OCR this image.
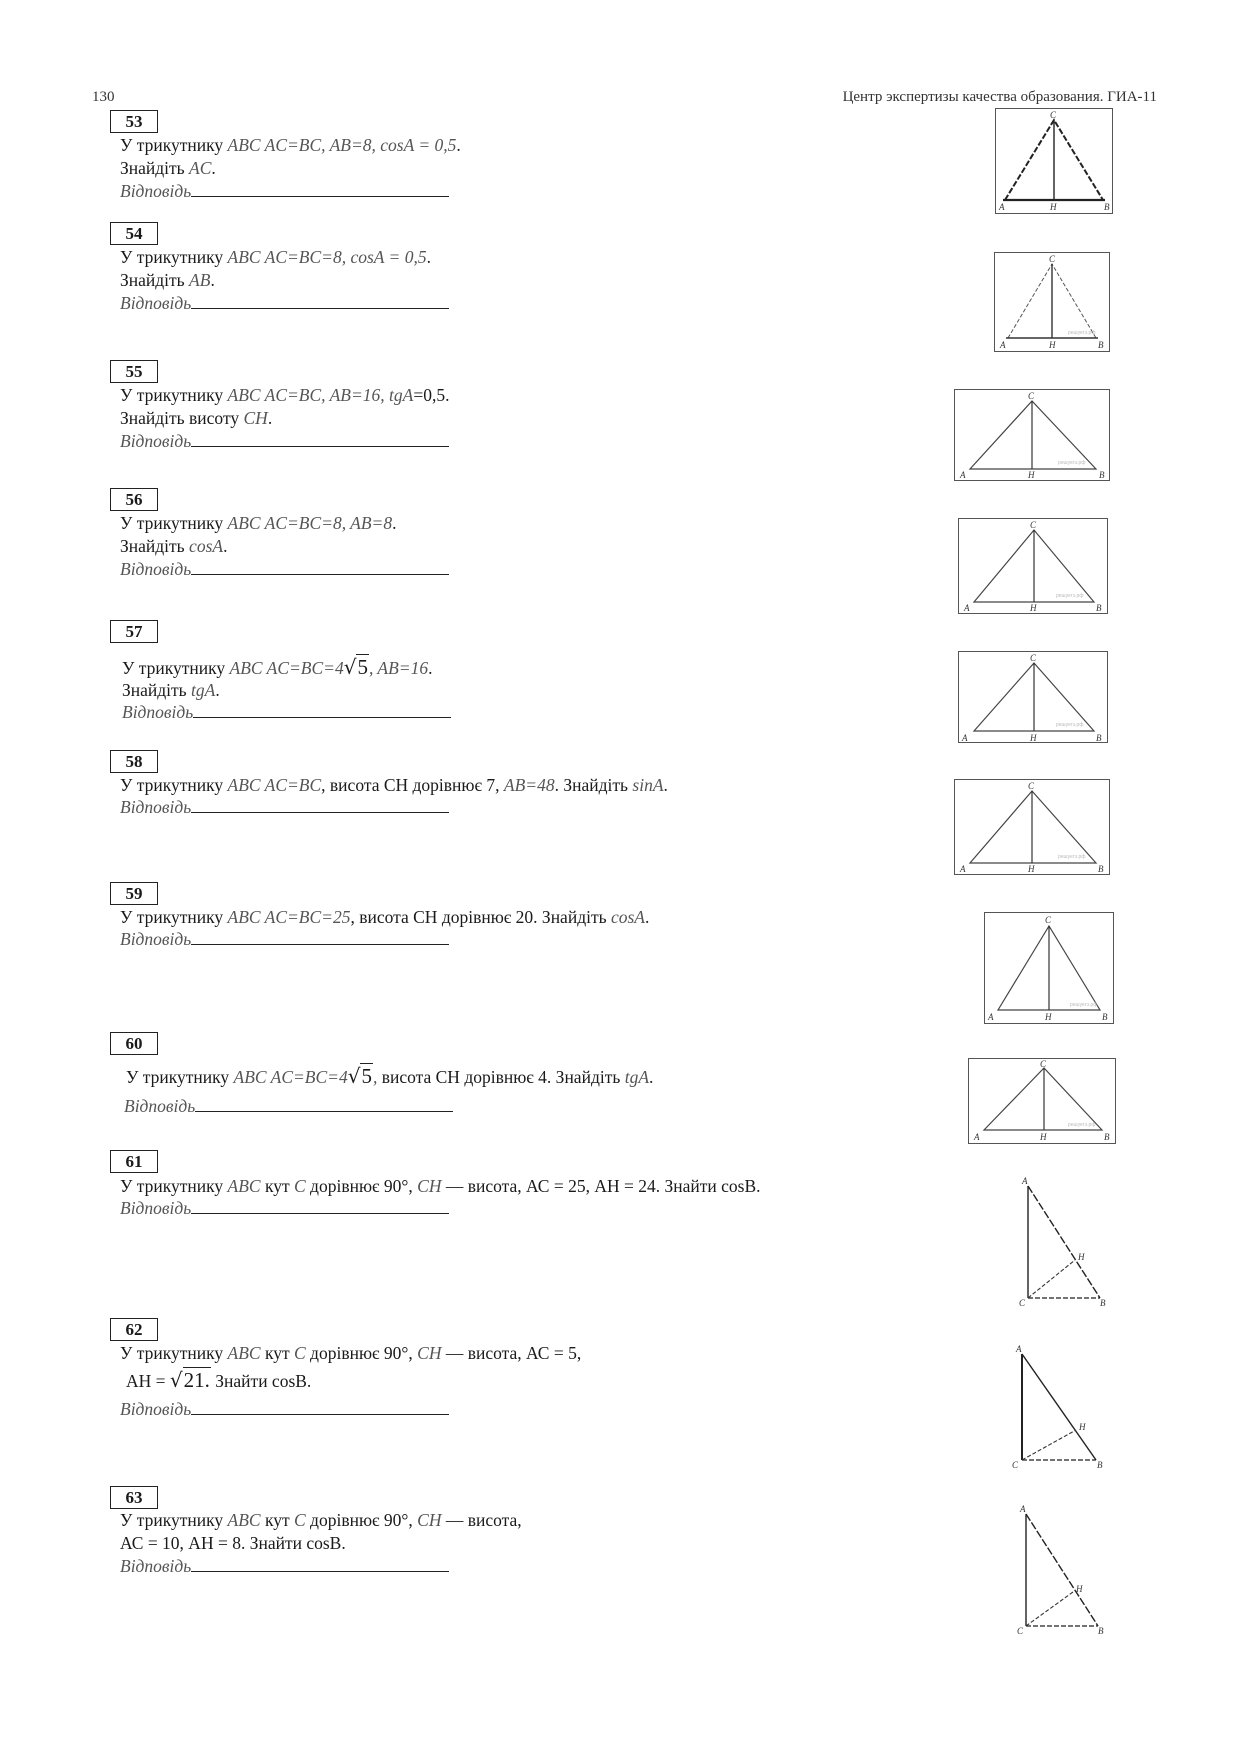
130	Центр экспертизы качества образования. ГИА-11
53
У трикутнику ABC AC=BC, AB=8, cosA = 0,5.
Знайдіть AC.
Відповідь
54
У трикутнику ABC AC=BC=8, cosA = 0,5.
Знайдіть AB.
Відповідь
55
У трикутнику ABC AC=BC, AB=16, tgA=0,5.
Знайдіть висоту CH.
Відповідь
56
У трикутнику ABC AC=BC=8, AB=8.
Знайдіть cosA.
Відповідь
57
У трикутнику ABC AC=BC=4√5, AB=16.
Знайдіть tgA.
Відповідь
58
У трикутнику ABC AC=BC, висота СН дорівнює 7, AB=48. Знайдіть sinA.
Відповідь
59
У трикутнику ABC AC=BC=25, висота СН дорівнює 20. Знайдіть cosA.
Відповідь
60
У трикутнику ABC AC=BC=4√5, висота СН дорівнює 4. Знайдіть tgA.
Відповідь
61
У трикутнику ABC кут C дорівнює 90°, CH — висота, АС = 25, АН = 24. Знайти cosB.
Відповідь
62
У трикутнику ABC кут C дорівнює 90°, CH — висота, АС = 5,
АН = √21. Знайти cosB.
Відповідь
63
У трикутнику ABC кут C дорівнює 90°, CH — висота,
АС = 10, АН = 8. Знайти cosB.
Відповідь
C
A	H	B
решуегэ.рф
C
A	H	B
решуегэ.рф
C
A	H	B
решуегэ.рф
C
A	H	B
решуегэ.рф
C
A	H	B
решуегэ.рф
C
A	H	B
решуегэ.рф
C
A	H	B
решуегэ.рф
C
A	H	B
A
H
C	B
A
H
C	B
A
H
C	B
